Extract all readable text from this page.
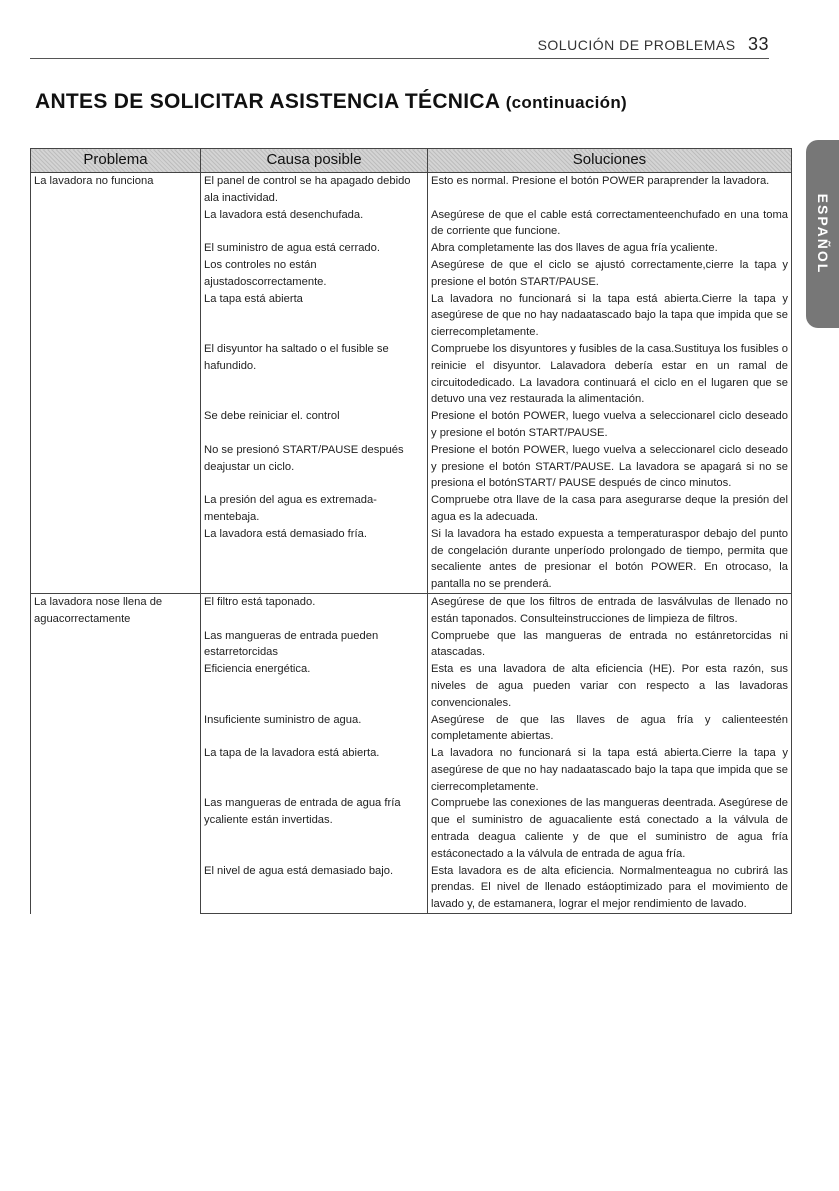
SOLUCIÓN DE PROBLEMAS 33
ANTES DE SOLICITAR ASISTENCIA TÉCNICA (continuación)
ESPAÑOL
Problema	Causa posible	Soluciones
La lavadora no funciona	El panel de control se ha apagado debido ala inactividad.	Esto es normal. Presione el botón POWER paraprender la lavadora.
	La lavadora está desenchufada.	Asegúrese de que el cable está correctamenteenchufado en una toma de corriente que funcione.
	El suministro de agua está cerrado.	Abra completamente las dos llaves de agua fría ycaliente.
	Los controles no están ajustadoscorrectamente.	Asegúrese de que el ciclo se ajustó correctamente,cierre la tapa y presione el botón START/PAUSE.
	La tapa está abierta	La lavadora no funcionará si la tapa está abierta.Cierre la tapa y asegúrese de que no hay nadaatascado bajo la tapa que impida que se cierrecompletamente.
	El disyuntor ha saltado o el fusible se hafundido.	Compruebe los disyuntores y fusibles de la casa.Sustituya los fusibles o reinicie el disyuntor. Lalavadora debería estar en un ramal de circuitodedicado. La lavadora continuará el ciclo en el lugaren que se detuvo una vez restaurada la alimentación.
	Se debe reiniciar el. control	Presione el botón POWER, luego vuelva a seleccionarel ciclo deseado y presione el botón START/PAUSE.
	No se presionó START/PAUSE después deajustar un ciclo.	Presione el botón POWER, luego vuelva a seleccionarel ciclo deseado y presione el botón START/PAUSE. La lavadora se apagará si no se presiona el botónSTART/ PAUSE después de cinco minutos.
	La presión del agua es extremadamentebaja.	Compruebe otra llave de la casa para asegurarse deque la presión del agua es la adecuada.
	La lavadora está demasiado fría.	Si la lavadora ha estado expuesta a temperaturaspor debajo del punto de congelación durante unperíodo prolongado de tiempo, permita que secaliente antes de presionar el botón POWER. En otrocaso, la pantalla no se prenderá.
La lavadora nose llena de aguacorrectamente	El filtro está taponado.	Asegúrese de que los filtros de entrada de lasválvulas de llenado no están taponados. Consulteinstrucciones de limpieza de filtros.
	Las mangueras de entrada pueden estarretorcidas	Compruebe que las mangueras de entrada no estánretorcidas ni atascadas.
	Eficiencia energética.	Esta es una lavadora de alta eficiencia (HE). Por esta razón, sus niveles de agua pueden variar con respecto a las lavadoras convencionales.
	Insuficiente suministro de agua.	Asegúrese de que las llaves de agua fría y calienteestén completamente abiertas.
	La tapa de la lavadora está abierta.	La lavadora no funcionará si la tapa está abierta.Cierre la tapa y asegúrese de que no hay nadaatascado bajo la tapa que impida que se cierrecompletamente.
	Las mangueras de entrada de agua fría ycaliente están invertidas.	Compruebe las conexiones de las mangueras deentrada. Asegúrese de que el suministro de aguacaliente está conectado a la válvula de entrada deagua caliente y de que el suministro de agua fría estáconectado a la válvula de entrada de agua fría.
	El nivel de agua está demasiado bajo.	Esta lavadora es de alta eficiencia. Normalmenteagua no cubrirá las prendas. El nivel de llenado estáoptimizado para el movimiento de lavado y, de estamanera, lograr el mejor rendimiento de lavado.
